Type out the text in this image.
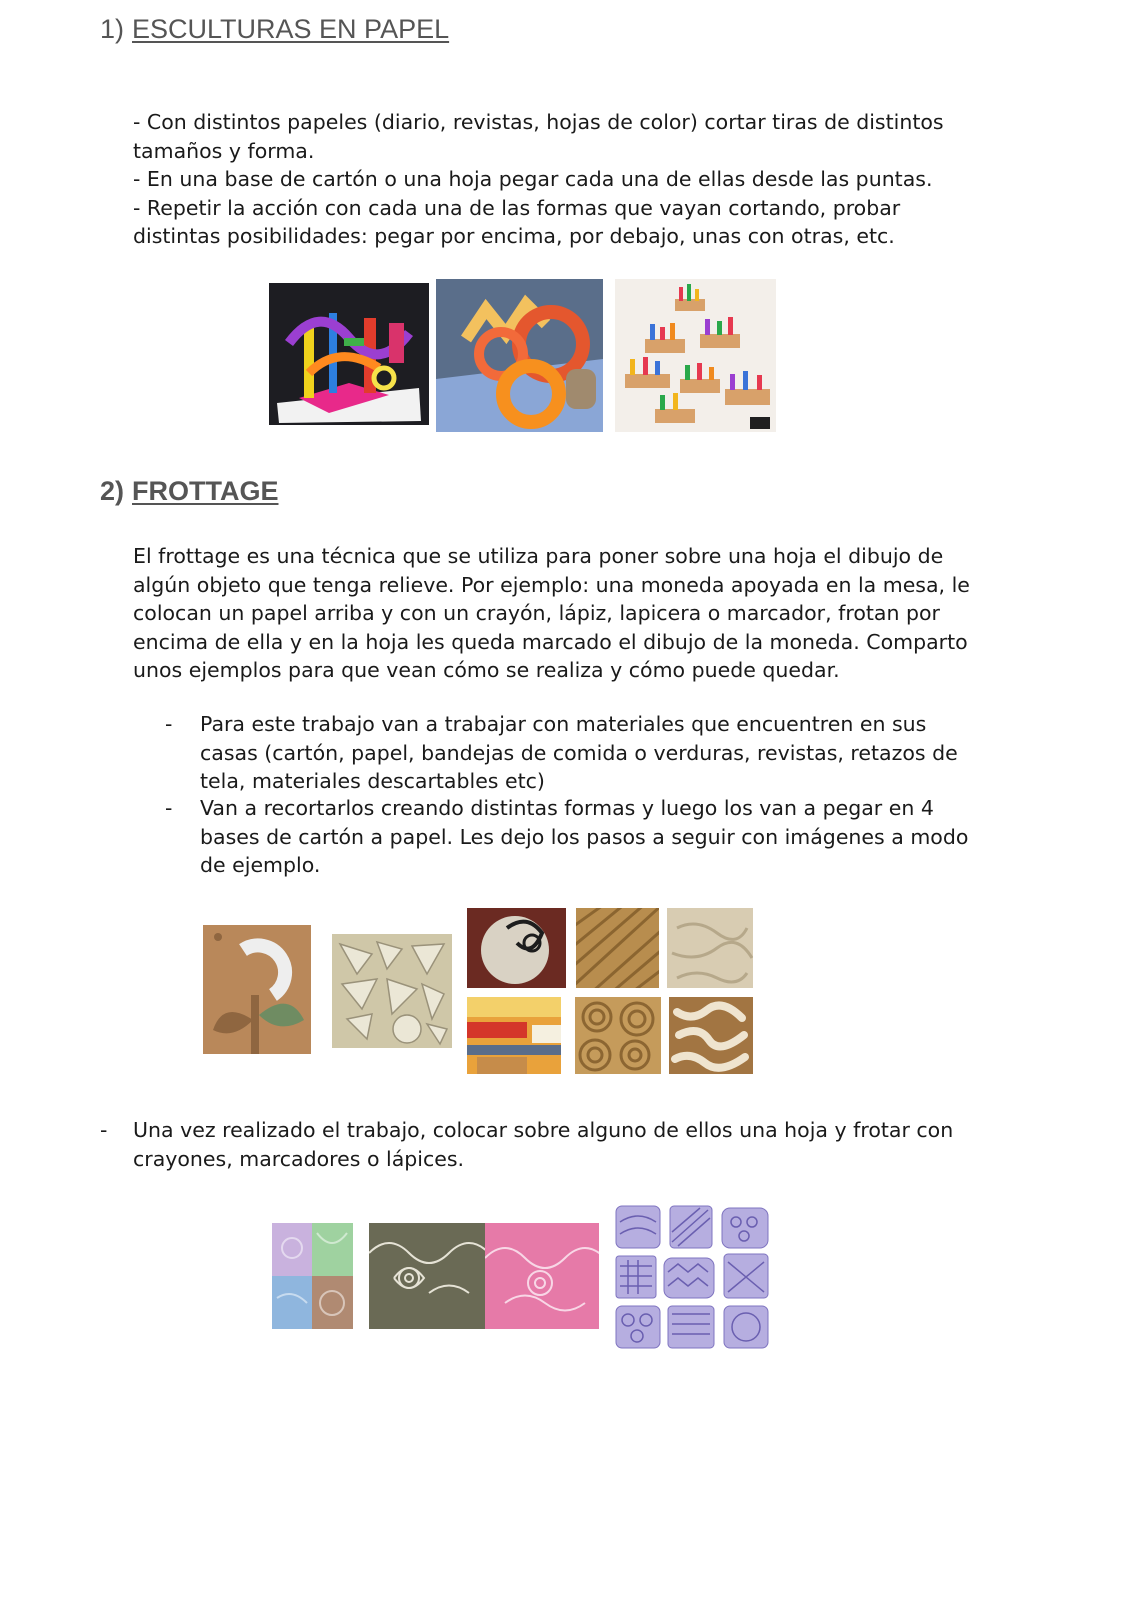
1) ESCULTURAS EN PAPEL

- Con distintos papeles (diario, revistas, hojas de color) cortar tiras de distintos

tamaños y forma.

- En una base de cartón o una hoja pegar cada una de ellas desde las puntas.

- Repetir la acción con cada una de las formas que vayan cortando, probar

distintas posibilidades: pegar por encima, por debajo, unas con otras, etc.

2) FROTTAGE

El frottage es una técnica que se utiliza para poner sobre una hoja el dibujo de

algún objeto que tenga relieve. Por ejemplo: una moneda apoyada en la mesa, le

colocan un papel arriba y con un crayón, lápiz, lapicera o marcador, frotan por

encima de ella y en la hoja les queda marcado el dibujo de la moneda. Comparto

unos ejemplos para que vean cómo se realiza y cómo puede quedar.

- Para este trabajo van a trabajar con materiales que encuentren en sus
casas (cartón, papel, bandejas de comida o verduras, revistas, retazos de
tela, materiales descartables etc)
- Van a recortarlos creando distintas formas y luego los van a pegar en 4
bases de cartón a papel. Les dejo los pasos a seguir con imágenes a modo
de ejemplo.
- Una vez realizado el trabajo, colocar sobre alguno de ellos una hoja y frotar con
crayones, marcadores o lápices.
